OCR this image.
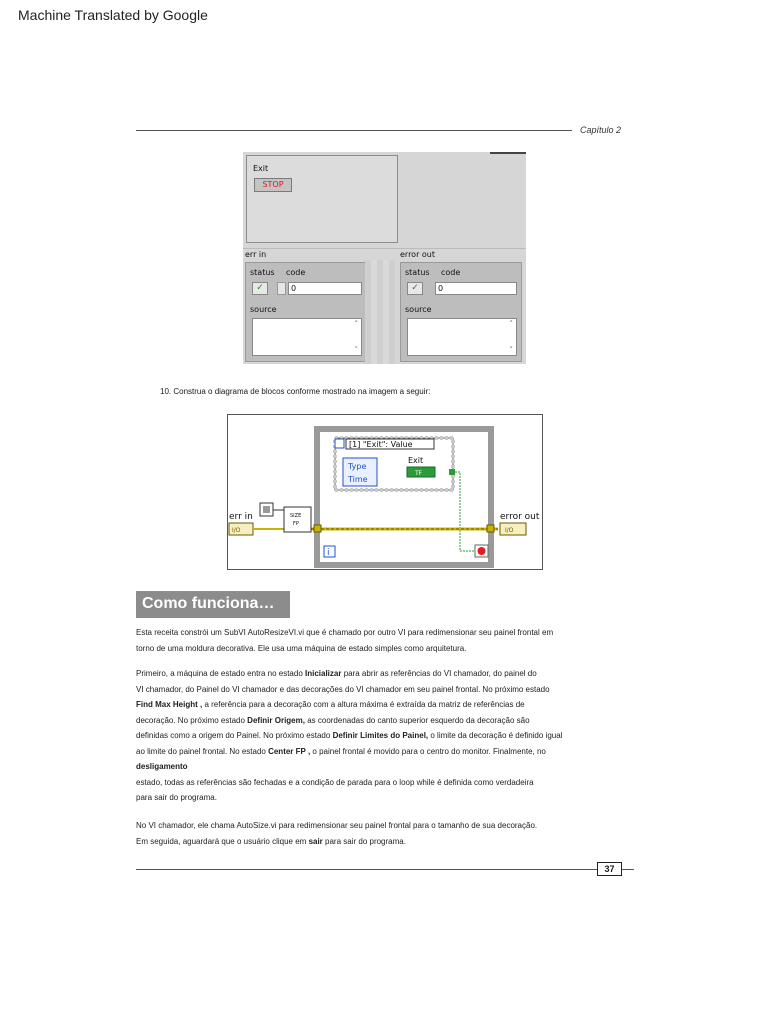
Machine Translated by Google
Capítulo 2
Exit
STOP
err in
status code
✓	0
source
˄
˅
error out
status code
✓	0
source
˄
˅
10. Construa o diagrama de blocos conforme mostrado na imagem a seguir:
[1] "Exit": Value
Type
Time
Exit
TF
i
err in
I/O
SIZE
FP
error out
I/O
Como funciona…

Esta receita constrói um SubVI AutoResizeVI.vi que é chamado por outro VI para redimensionar seu painel frontal em

torno de uma moldura decorativa. Ele usa uma máquina de estado simples como arquitetura.

Primeiro, a máquina de estado entra no estado Inicializar para abrir as referências do VI chamador, do painel do

VI chamador, do Painel do VI chamador e das decorações do VI chamador em seu painel frontal. No próximo estado

Find Max Height , a referência para a decoração com a altura máxima é extraída da matriz de referências de

decoração. No próximo estado Definir Origem, as coordenadas do canto superior esquerdo da decoração são

definidas como a origem do Painel. No próximo estado Definir Limites do Painel, o limite da decoração é definido igual

ao limite do painel frontal. No estado Center FP , o painel frontal é movido para o centro do monitor. Finalmente, no

desligamento

estado, todas as referências são fechadas e a condição de parada para o loop while é definida como verdadeira

para sair do programa.

No VI chamador, ele chama AutoSize.vi para redimensionar seu painel frontal para o tamanho de sua decoração.

Em seguida, aguardará que o usuário clique em sair para sair do programa.

37
